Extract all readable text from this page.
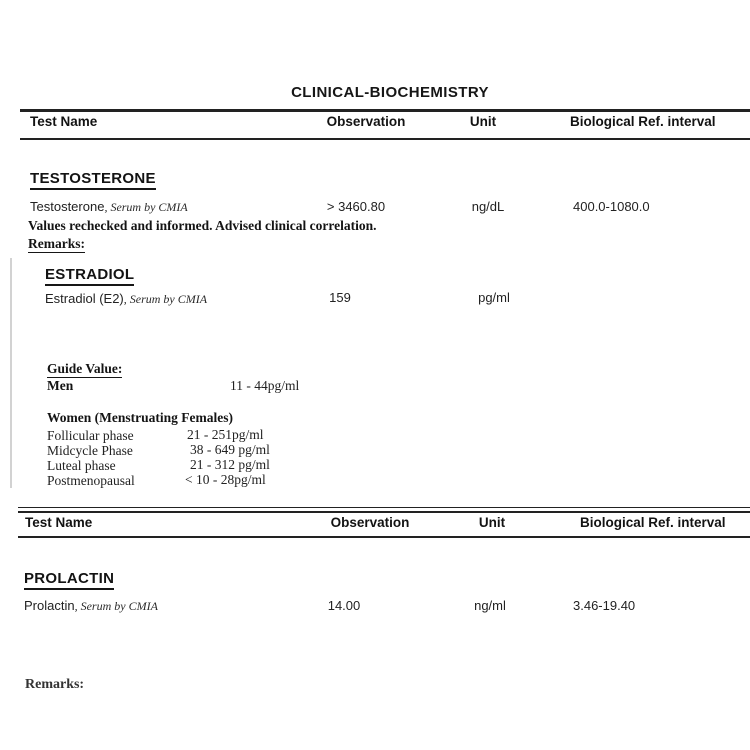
CLINICAL-BIOCHEMISTRY
Test Name	Observation	Unit	Biological Ref. interval
TESTOSTERONE
Testosterone, Serum by CMIA	> 3460.80	ng/dL	400.0-1080.0
Values rechecked and informed. Advised clinical correlation.
Remarks:
ESTRADIOL
Estradiol (E2), Serum by CMIA	159	pg/ml
Guide Value:
Men	11 - 44pg/ml
Women (Menstruating Females)
Follicular phase	21 - 251pg/ml
Midcycle Phase	38 - 649 pg/ml
Luteal phase	21 - 312 pg/ml
Postmenopausal	< 10 - 28pg/ml
Test Name	Observation	Unit	Biological Ref. interval
PROLACTIN
Prolactin, Serum by CMIA	14.00	ng/ml	3.46-19.40
Remarks:
